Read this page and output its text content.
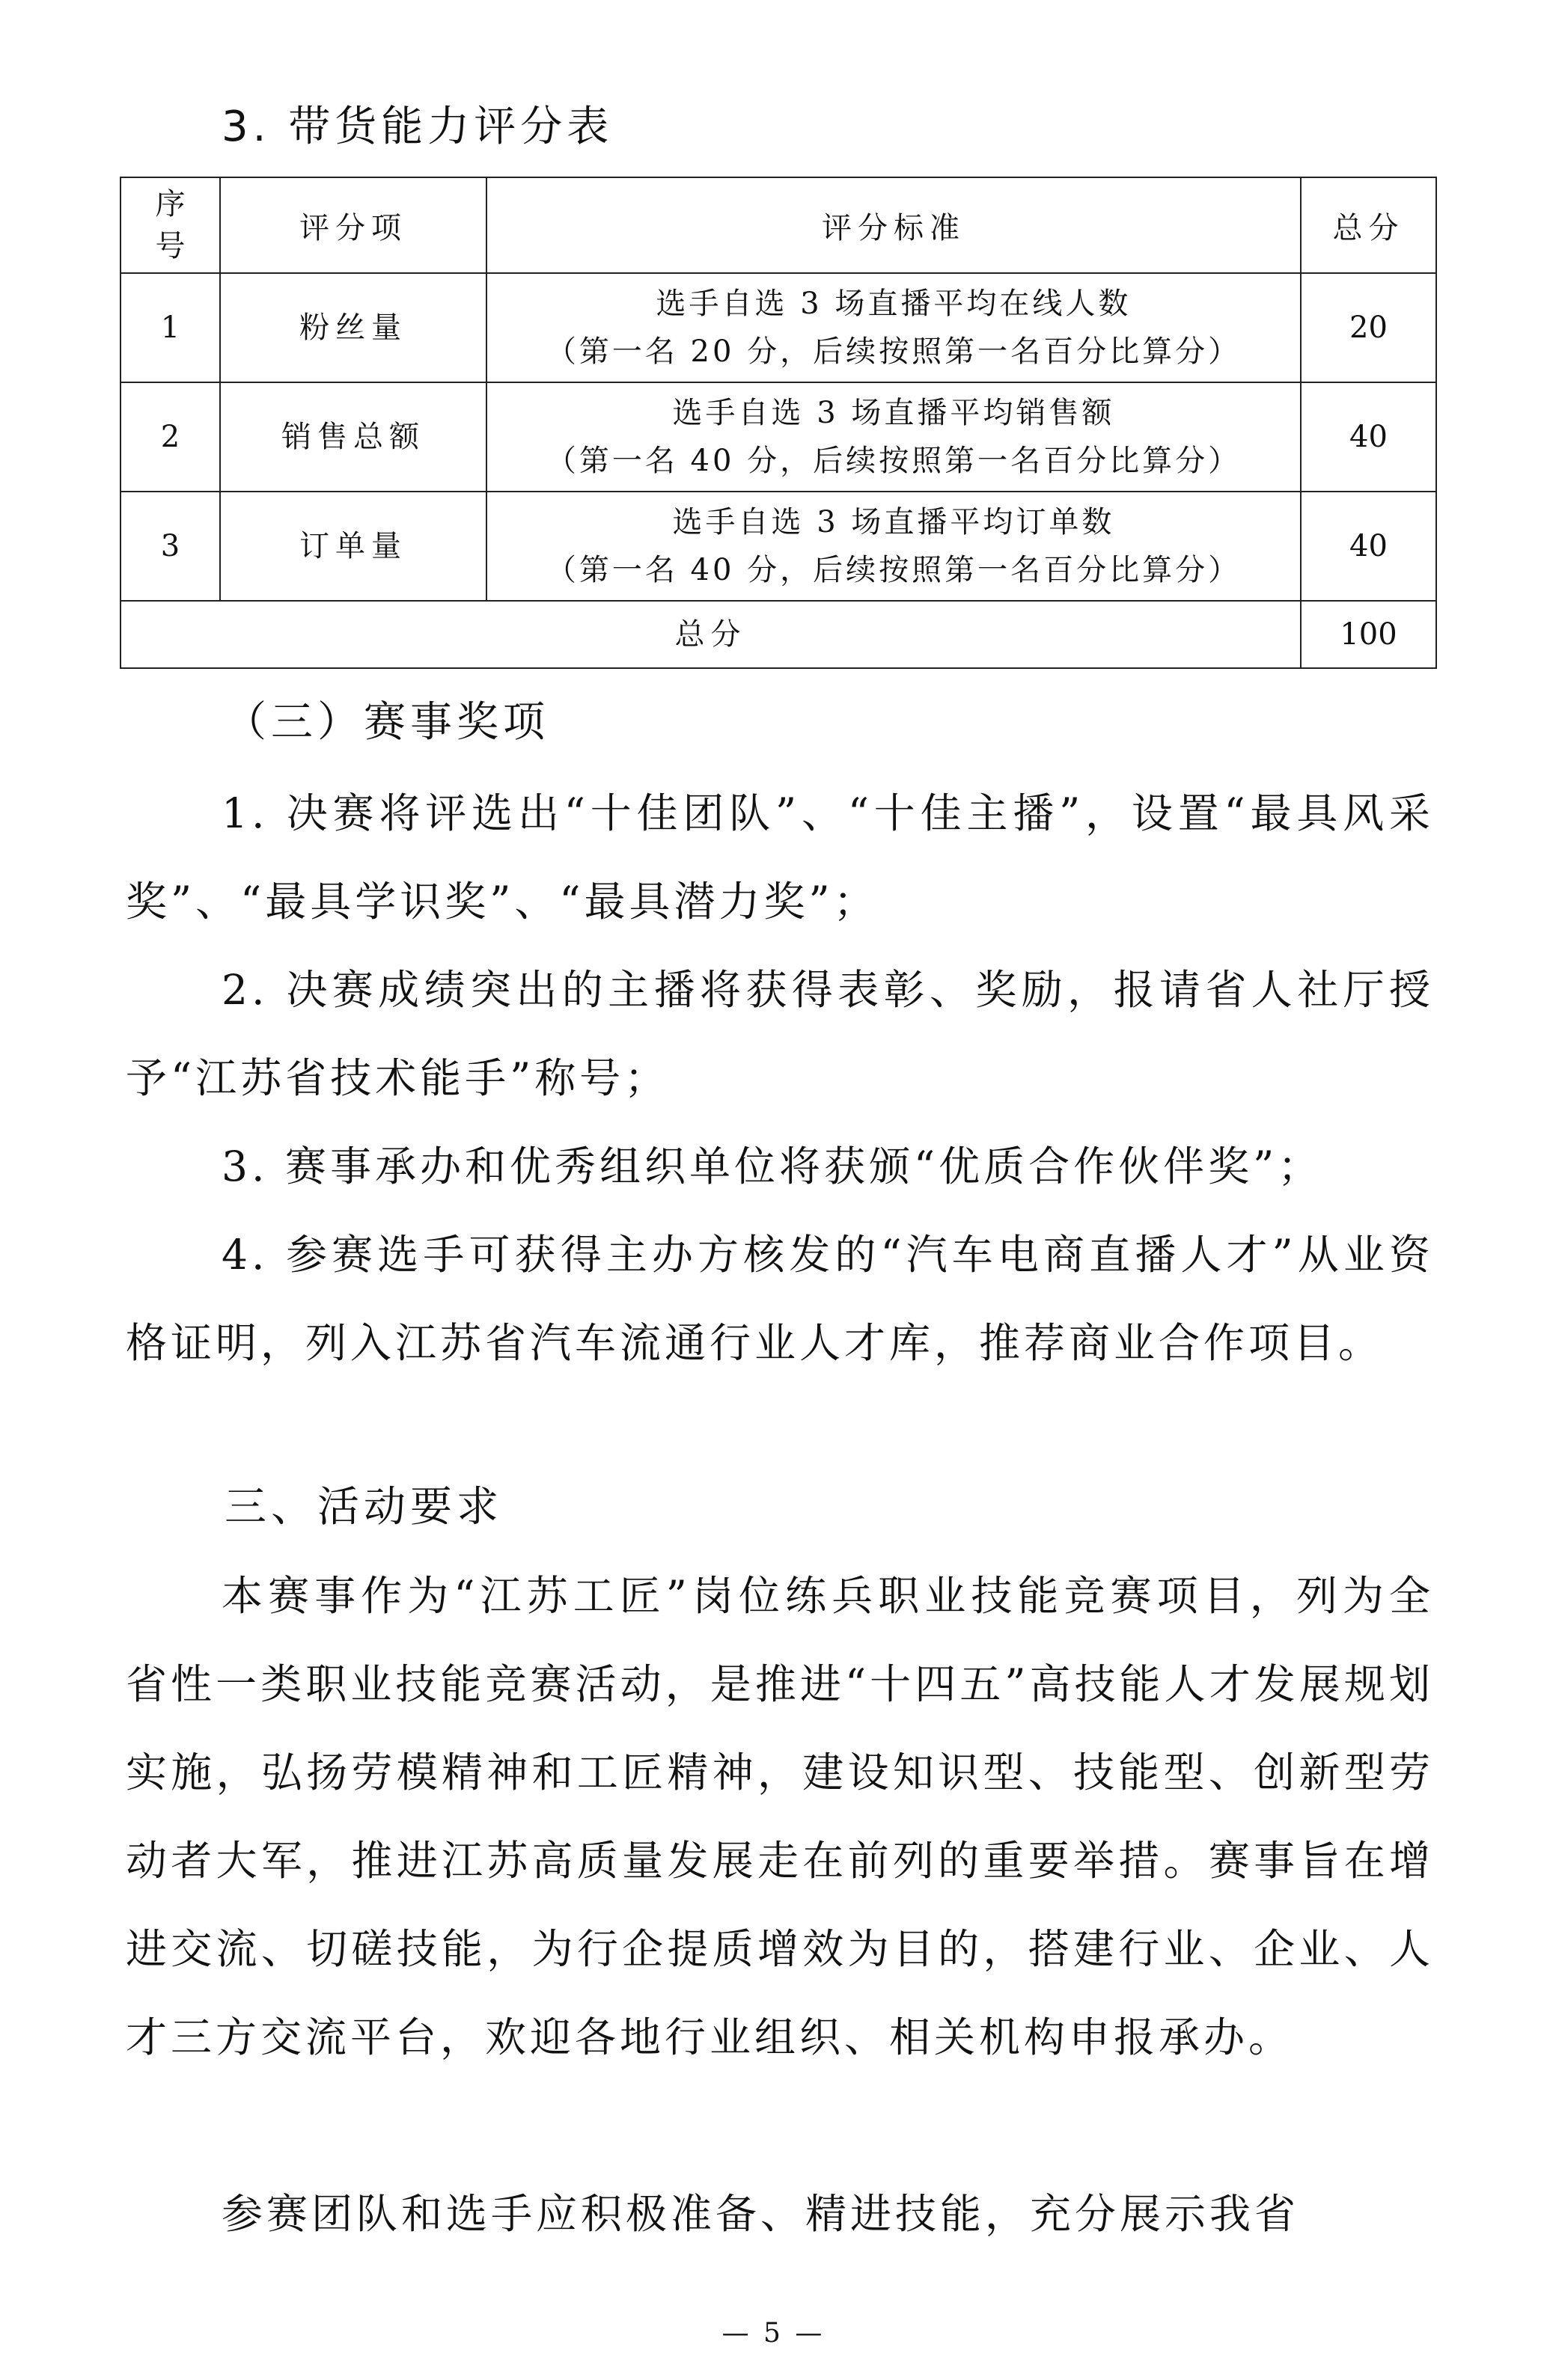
3. 带货能力评分表
序号	评分项	评分标准	总分
1	粉丝量	选手自选 3 场直播平均在线人数
（第一名 20 分，后续按照第一名百分比算分）	20
2	销售总额	选手自选 3 场直播平均销售额
（第一名 40 分，后续按照第一名百分比算分）	40
3	订单量	选手自选 3 场直播平均订单数
（第一名 40 分，后续按照第一名百分比算分）	40
总分			100
（三）赛事奖项
1. 决赛将评选出“十佳团队”、“十佳主播”，设置“最具风采奖”、“最具学识奖”、“最具潜力奖”；
2. 决赛成绩突出的主播将获得表彰、奖励，报请省人社厅授予“江苏省技术能手”称号；
3. 赛事承办和优秀组织单位将获颁“优质合作伙伴奖”；
4. 参赛选手可获得主办方核发的“汽车电商直播人才”从业资格证明，列入江苏省汽车流通行业人才库，推荐商业合作项目。
三、活动要求
本赛事作为“江苏工匠”岗位练兵职业技能竞赛项目，列为全省性一类职业技能竞赛活动，是推进“十四五”高技能人才发展规划实施，弘扬劳模精神和工匠精神，建设知识型、技能型、创新型劳动者大军，推进江苏高质量发展走在前列的重要举措。赛事旨在增进交流、切磋技能，为行企提质增效为目的，搭建行业、企业、人才三方交流平台，欢迎各地行业组织、相关机构申报承办。
参赛团队和选手应积极准备、精进技能，充分展示我省
— 5 —
